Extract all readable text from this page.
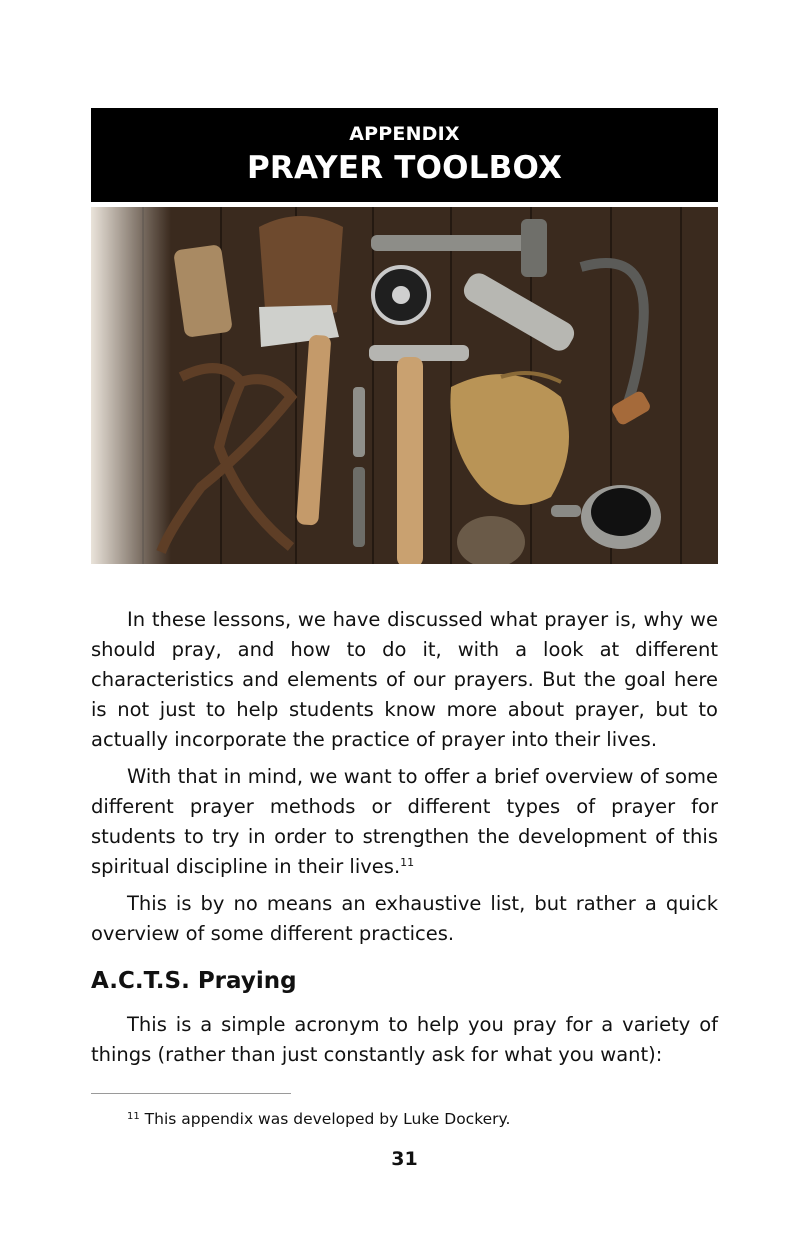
APPENDIX
PRAYER TOOLBOX

In these lessons, we have discussed what prayer is, why we should pray, and how to do it, with a look at different characteristics and elements of our prayers. But the goal here is not just to help students know more about prayer, but to actually incorporate the practice of prayer into their lives.

With that in mind, we want to offer a brief overview of some different prayer methods or different types of prayer for students to try in order to strengthen the development of this spiritual discipline in their lives.$^{11}$

This is by no means an exhaustive list, but rather a quick overview of some different practices.

A.C.T.S. Praying

This is a simple acronym to help you pray for a variety of things (rather than just constantly ask for what you want):

$^{11}$ This appendix was developed by Luke Dockery.
31
